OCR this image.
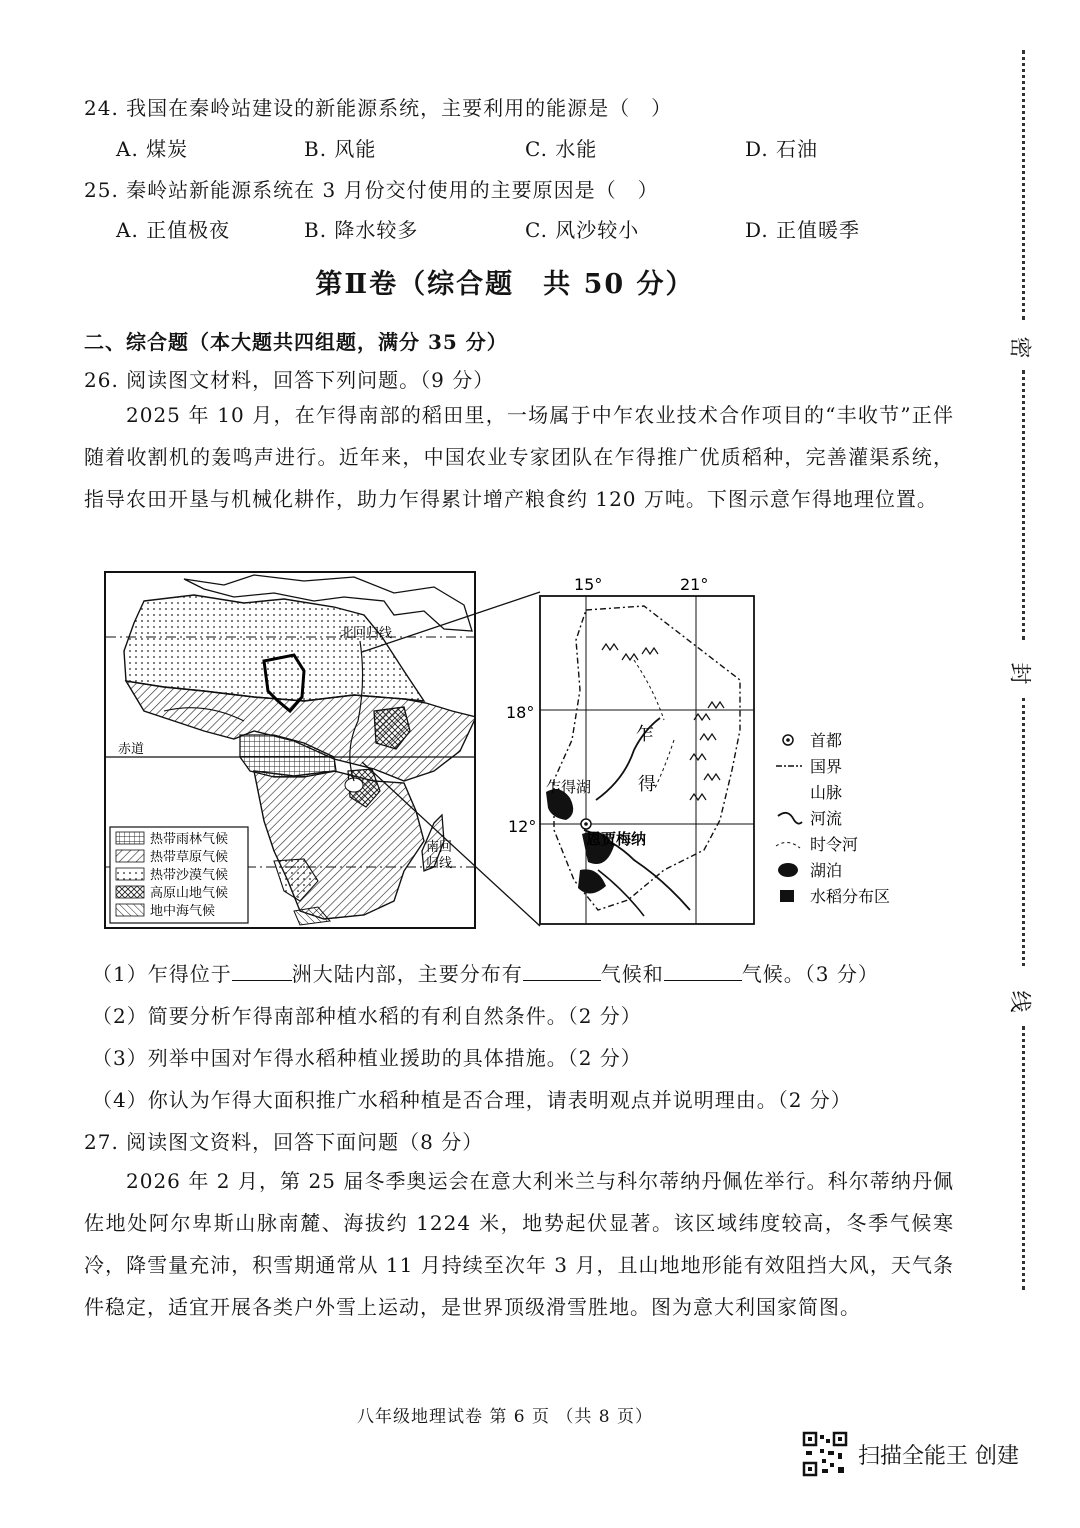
24. 我国在秦岭站建设的新能源系统，主要利用的能源是（　）
A. 煤炭	B. 风能	C. 水能	D. 石油
25. 秦岭站新能源系统在 3 月份交付使用的主要原因是（　）
A. 正值极夜	B. 降水较多	C. 风沙较小	D. 正值暖季
第Ⅱ卷（综合题　共 50 分）
二、综合题（本大题共四组题，满分 35 分）
26. 阅读图文材料，回答下列问题。（9 分）
2025 年 10 月，在乍得南部的稻田里，一场属于中乍农业技术合作项目的“丰收节”正伴随着收割机的轰鸣声进行。近年来，中国农业专家团队在乍得推广优质稻种，完善灌渠系统，指导农田开垦与机械化耕作，助力乍得累计增产粮食约 120 万吨。下图示意乍得地理位置。
北回归线
赤道
南回
归线
热带雨林气候
热带草原气候
热带沙漠气候
高原山地气候
地中海气候
15°	21°
18°
12°
乍
得
乍得湖
恩贾梅纳
首都
国界
山脉
河流
时令河
湖泊
水稻分布区
（1）乍得位于	洲大陆内部，主要分布有	气候和	气候。（3 分）
（2）简要分析乍得南部种植水稻的有利自然条件。（2 分）
（3）列举中国对乍得水稻种植业援助的具体措施。（2 分）
（4）你认为乍得大面积推广水稻种植是否合理，请表明观点并说明理由。（2 分）
27. 阅读图文资料，回答下面问题（8 分）
2026 年 2 月，第 25 届冬季奥运会在意大利米兰与科尔蒂纳丹佩佐举行。科尔蒂纳丹佩佐地处阿尔卑斯山脉南麓、海拔约 1224 米，地势起伏显著。该区域纬度较高，冬季气候寒冷，降雪量充沛，积雪期通常从 11 月持续至次年 3 月，且山地地形能有效阻挡大风，天气条件稳定，适宜开展各类户外雪上运动，是世界顶级滑雪胜地。图为意大利国家简图。
八年级地理试卷 第 6 页 （共 8 页）
密
封
线
扫描全能王 创建
